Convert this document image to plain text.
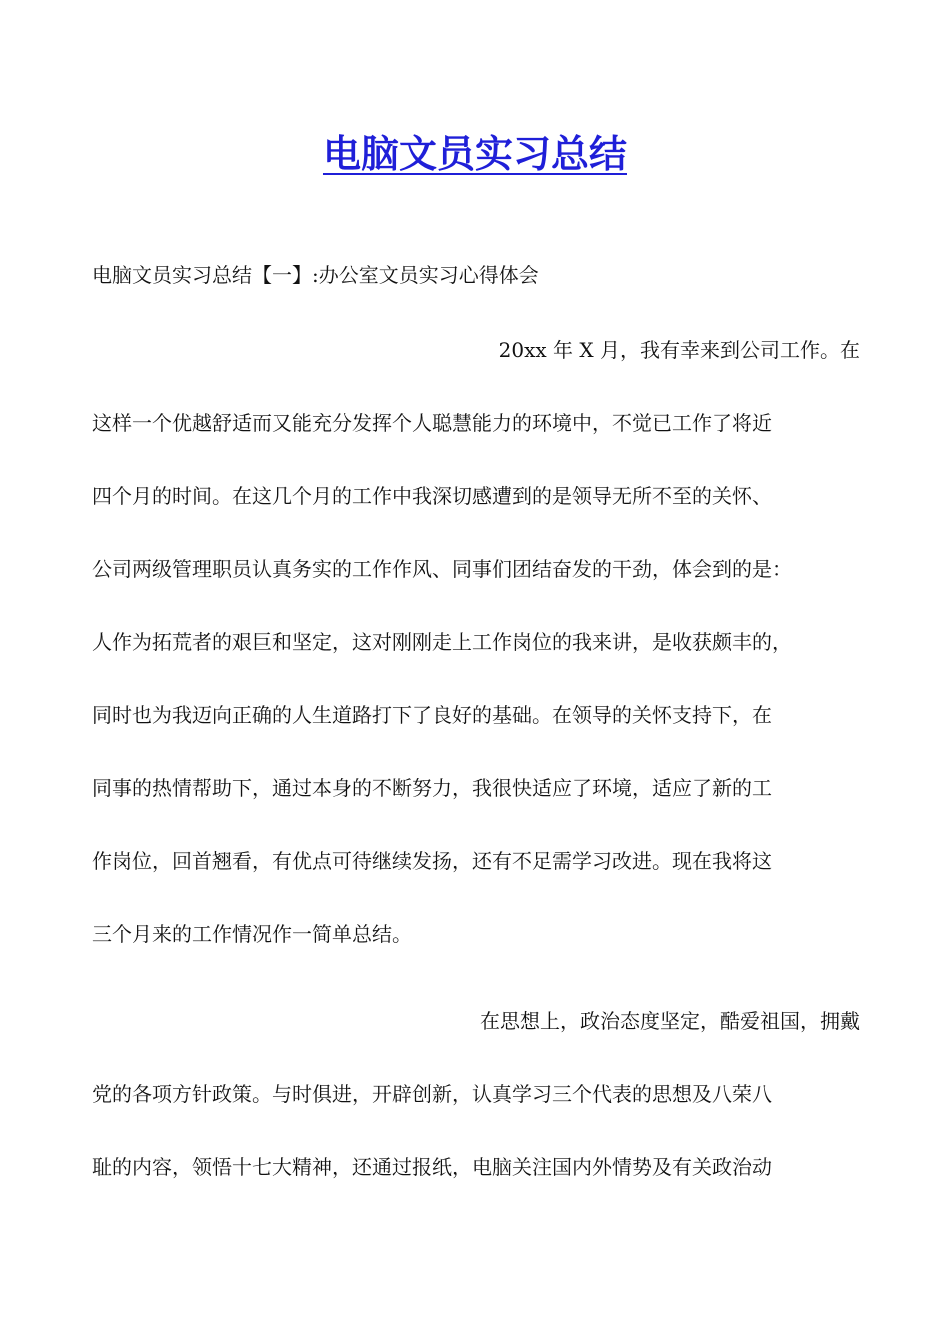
电脑文员实习总结
电脑文员实习总结【一】:办公室文员实习心得体会
20xx 年 X 月，我有幸来到公司工作。在
这样一个优越舒适而又能充分发挥个人聪慧能力的环境中，不觉已工作了将近
四个月的时间。在这几个月的工作中我深切感遭到的是领导无所不至的关怀、
公司两级管理职员认真务实的工作作风、同事们团结奋发的干劲，体会到的是：
人作为拓荒者的艰巨和坚定，这对刚刚走上工作岗位的我来讲，是收获颇丰的，
同时也为我迈向正确的人生道路打下了良好的基础。在领导的关怀支持下，在
同事的热情帮助下，通过本身的不断努力，我很快适应了环境，适应了新的工
作岗位，回首翘看，有优点可待继续发扬，还有不足需学习改进。现在我将这
三个月来的工作情况作一简单总结。
在思想上，政治态度坚定，酷爱祖国，拥戴
党的各项方针政策。与时俱进，开辟创新，认真学习三个代表的思想及八荣八
耻的内容，领悟十七大精神，还通过报纸，电脑关注国内外情势及有关政治动
